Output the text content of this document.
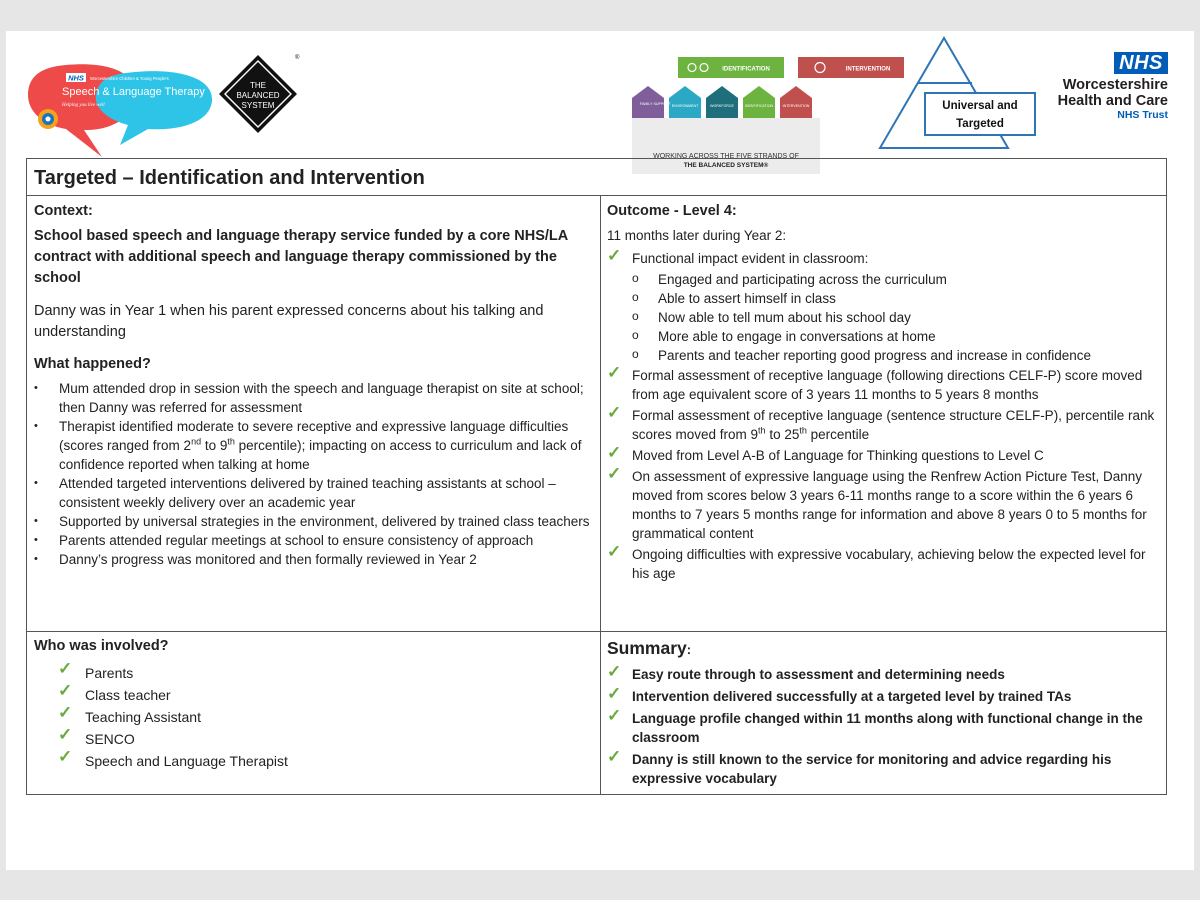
NHS Worcestershire Children & Young People's
Speech & Language Therapy
Helping you live well
THE
BALANCED
SYSTEM
®
IDENTIFICATION	INTERVENTION
FAMILY SUPPORT ENVIRONMENT	WORKFORCE	IDENTIFICATION	INTERVENTION
WORKING ACROSS THE FIVE STRANDS OF
THE BALANCED SYSTEM®
Universal and
Targeted
NHS
Worcestershire
Health and Care
NHS Trust
Targeted – Identification and Intervention

Context:

School based speech and language therapy service funded by a core NHS/LA contract with additional speech and language therapy commissioned by the school

Danny was in Year 1 when his parent expressed concerns about his talking and understanding

What happened?

• Mum attended drop in session with the speech and language therapist on site at school; then Danny was referred for assessment
• Therapist identified moderate to severe receptive and expressive language difficulties (scores ranged from 2nd to 9th percentile); impacting on access to curriculum and lack of confidence reported when talking at home
• Attended targeted interventions delivered by trained teaching assistants at school – consistent weekly delivery over an academic year
• Supported by universal strategies in the environment, delivered by trained class teachers
• Parents attended regular meetings at school to ensure consistency of approach
• Danny’s progress was monitored and then formally reviewed in Year 2

Outcome - Level 4:

11 months later during Year 2:

✓ Functional impact evident in classroom:
o Engaged and participating across the curriculum
o Able to assert himself in class
o Now able to tell mum about his school day
o More able to engage in conversations at home
o Parents and teacher reporting good progress and increase in confidence
✓ Formal assessment of receptive language (following directions CELF-P) score moved from age equivalent score of 3 years 11 months to 5 years 8 months
✓ Formal assessment of receptive language (sentence structure CELF-P), percentile rank scores moved from 9th to 25th percentile
✓ Moved from Level A-B of Language for Thinking questions to Level C
✓ On assessment of expressive language using the Renfrew Action Picture Test, Danny moved from scores below 3 years 6-11 months range to a score within the 6 years 6 months to 7 years 5 months range for information and above 8 years 0 to 5 months for grammatical content
✓ Ongoing difficulties with expressive vocabulary, achieving below the expected level for his age

Who was involved?

✓ Parents
✓ Class teacher
✓ Teaching Assistant
✓ SENCO
✓ Speech and Language Therapist

Summary:

✓ Easy route through to assessment and determining needs
✓ Intervention delivered successfully at a targeted level by trained TAs
✓ Language profile changed within 11 months along with functional change in the classroom
✓ Danny is still known to the service for monitoring and advice regarding his expressive vocabulary
